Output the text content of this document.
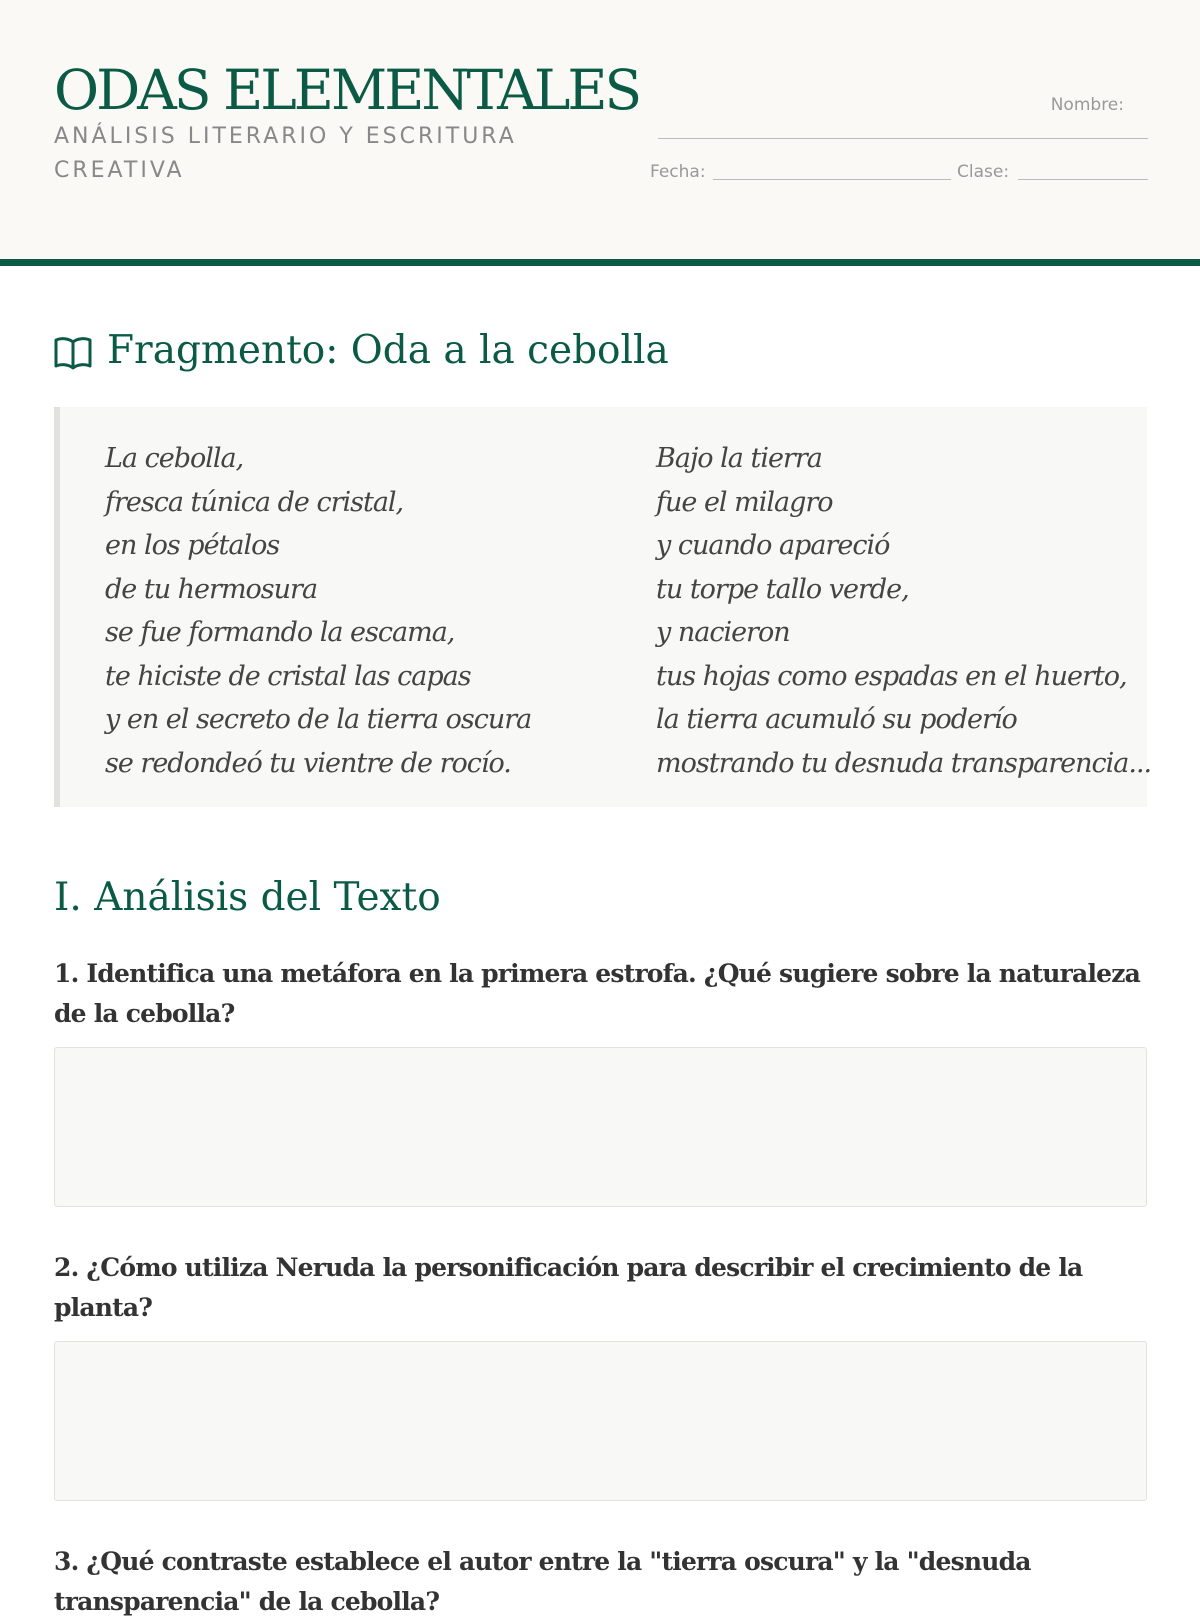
ODAS ELEMENTALES
ANÁLISIS LITERARIO Y ESCRITURA CREATIVA
Nombre:
Fecha:	Clase:
Fragmento: Oda a la cebolla
La cebolla,
fresca túnica de cristal,
en los pétalos
de tu hermosura
se fue formando la escama,
te hiciste de cristal las capas
y en el secreto de la tierra oscura
se redondeó tu vientre de rocío.
Bajo la tierra
fue el milagro
y cuando apareció
tu torpe tallo verde,
y nacieron
tus hojas como espadas en el huerto,
la tierra acumuló su poderío
mostrando tu desnuda transparencia...
I. Análisis del Texto

1. Identifica una metáfora en la primera estrofa. ¿Qué sugiere sobre la naturaleza de la cebolla?

2. ¿Cómo utiliza Neruda la personificación para describir el crecimiento de la planta?

3. ¿Qué contraste establece el autor entre la "tierra oscura" y la "desnuda transparencia" de la cebolla?
